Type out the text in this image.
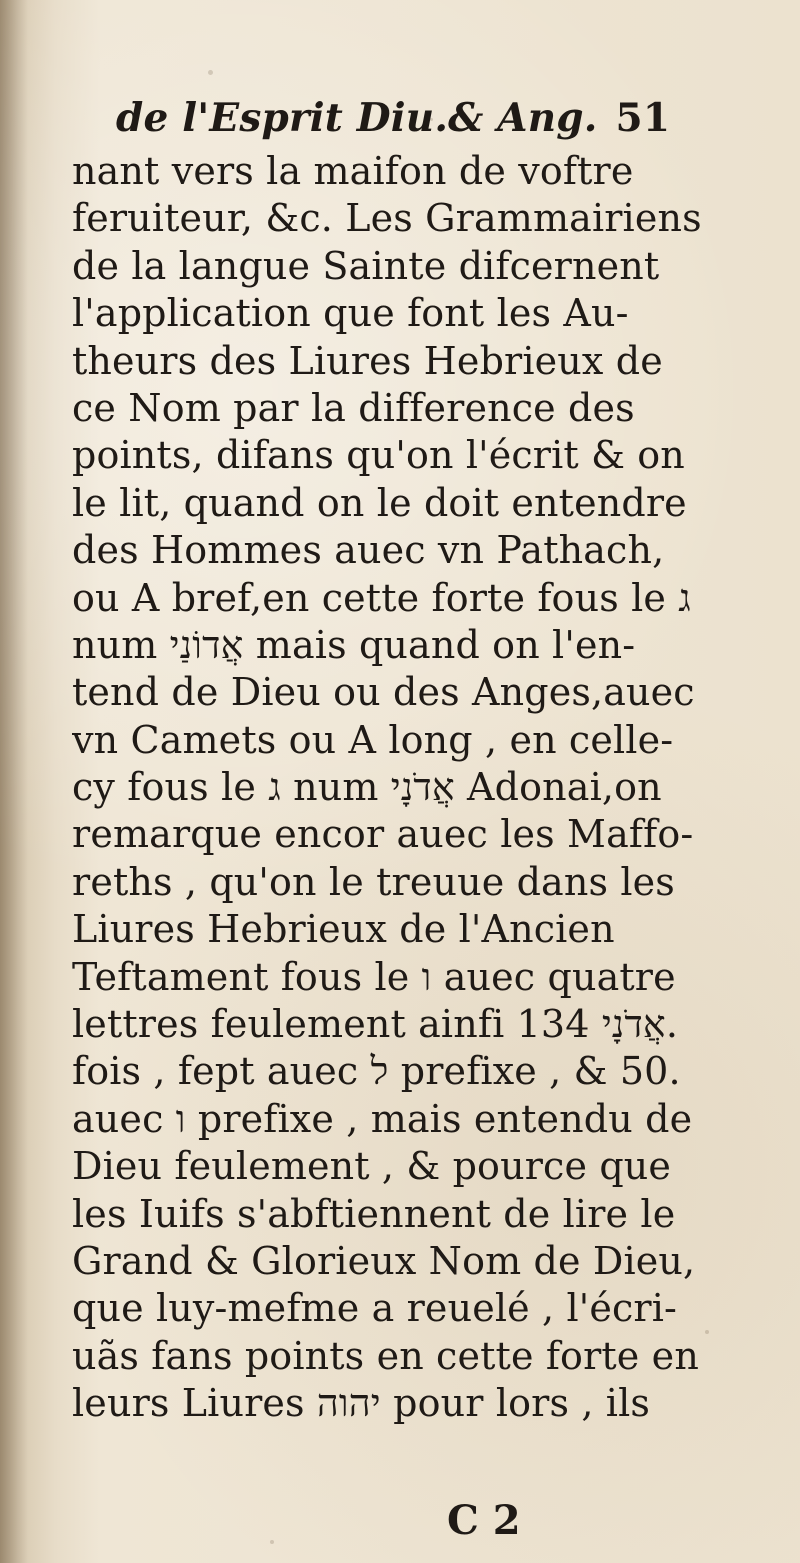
de l'Esprit Diu.& Ang. 51
nant vers la maifon de voftre
feruiteur, &c. Les Grammairiens
de la langue Sainte difcernent
l'application que font les Au-
theurs des Liures Hebrieux de
ce Nom par la difference des
points, difans qu'on l'écrit & on
le lit, quand on le doit entendre
des Hommes auec vn Pathach,
ou A bref,en cette forte fous le ג
num אֲדוֹנַי mais quand on l'en-
tend de Dieu ou des Anges,auec
vn Camets ou A long , en celle-
cy fous le ג num אֲדֹנָי Adonai,on
remarque encor auec les Maffo-
reths , qu'on le treuue dans les
Liures Hebrieux de l'Ancien
Teftament fous le ו auec quatre
lettres feulement ainfi אֲדֹנָי 134.
fois , fept auec ל prefixe , & 50.
auec ו prefixe , mais entendu de
Dieu feulement , & pource que
les Iuifs s'abftiennent de lire le
Grand & Glorieux Nom de Dieu,
que luy-mefme a reuelé , l'écri-
uãs fans points en cette forte en
leurs Liures יהוה pour lors , ils
C 2
